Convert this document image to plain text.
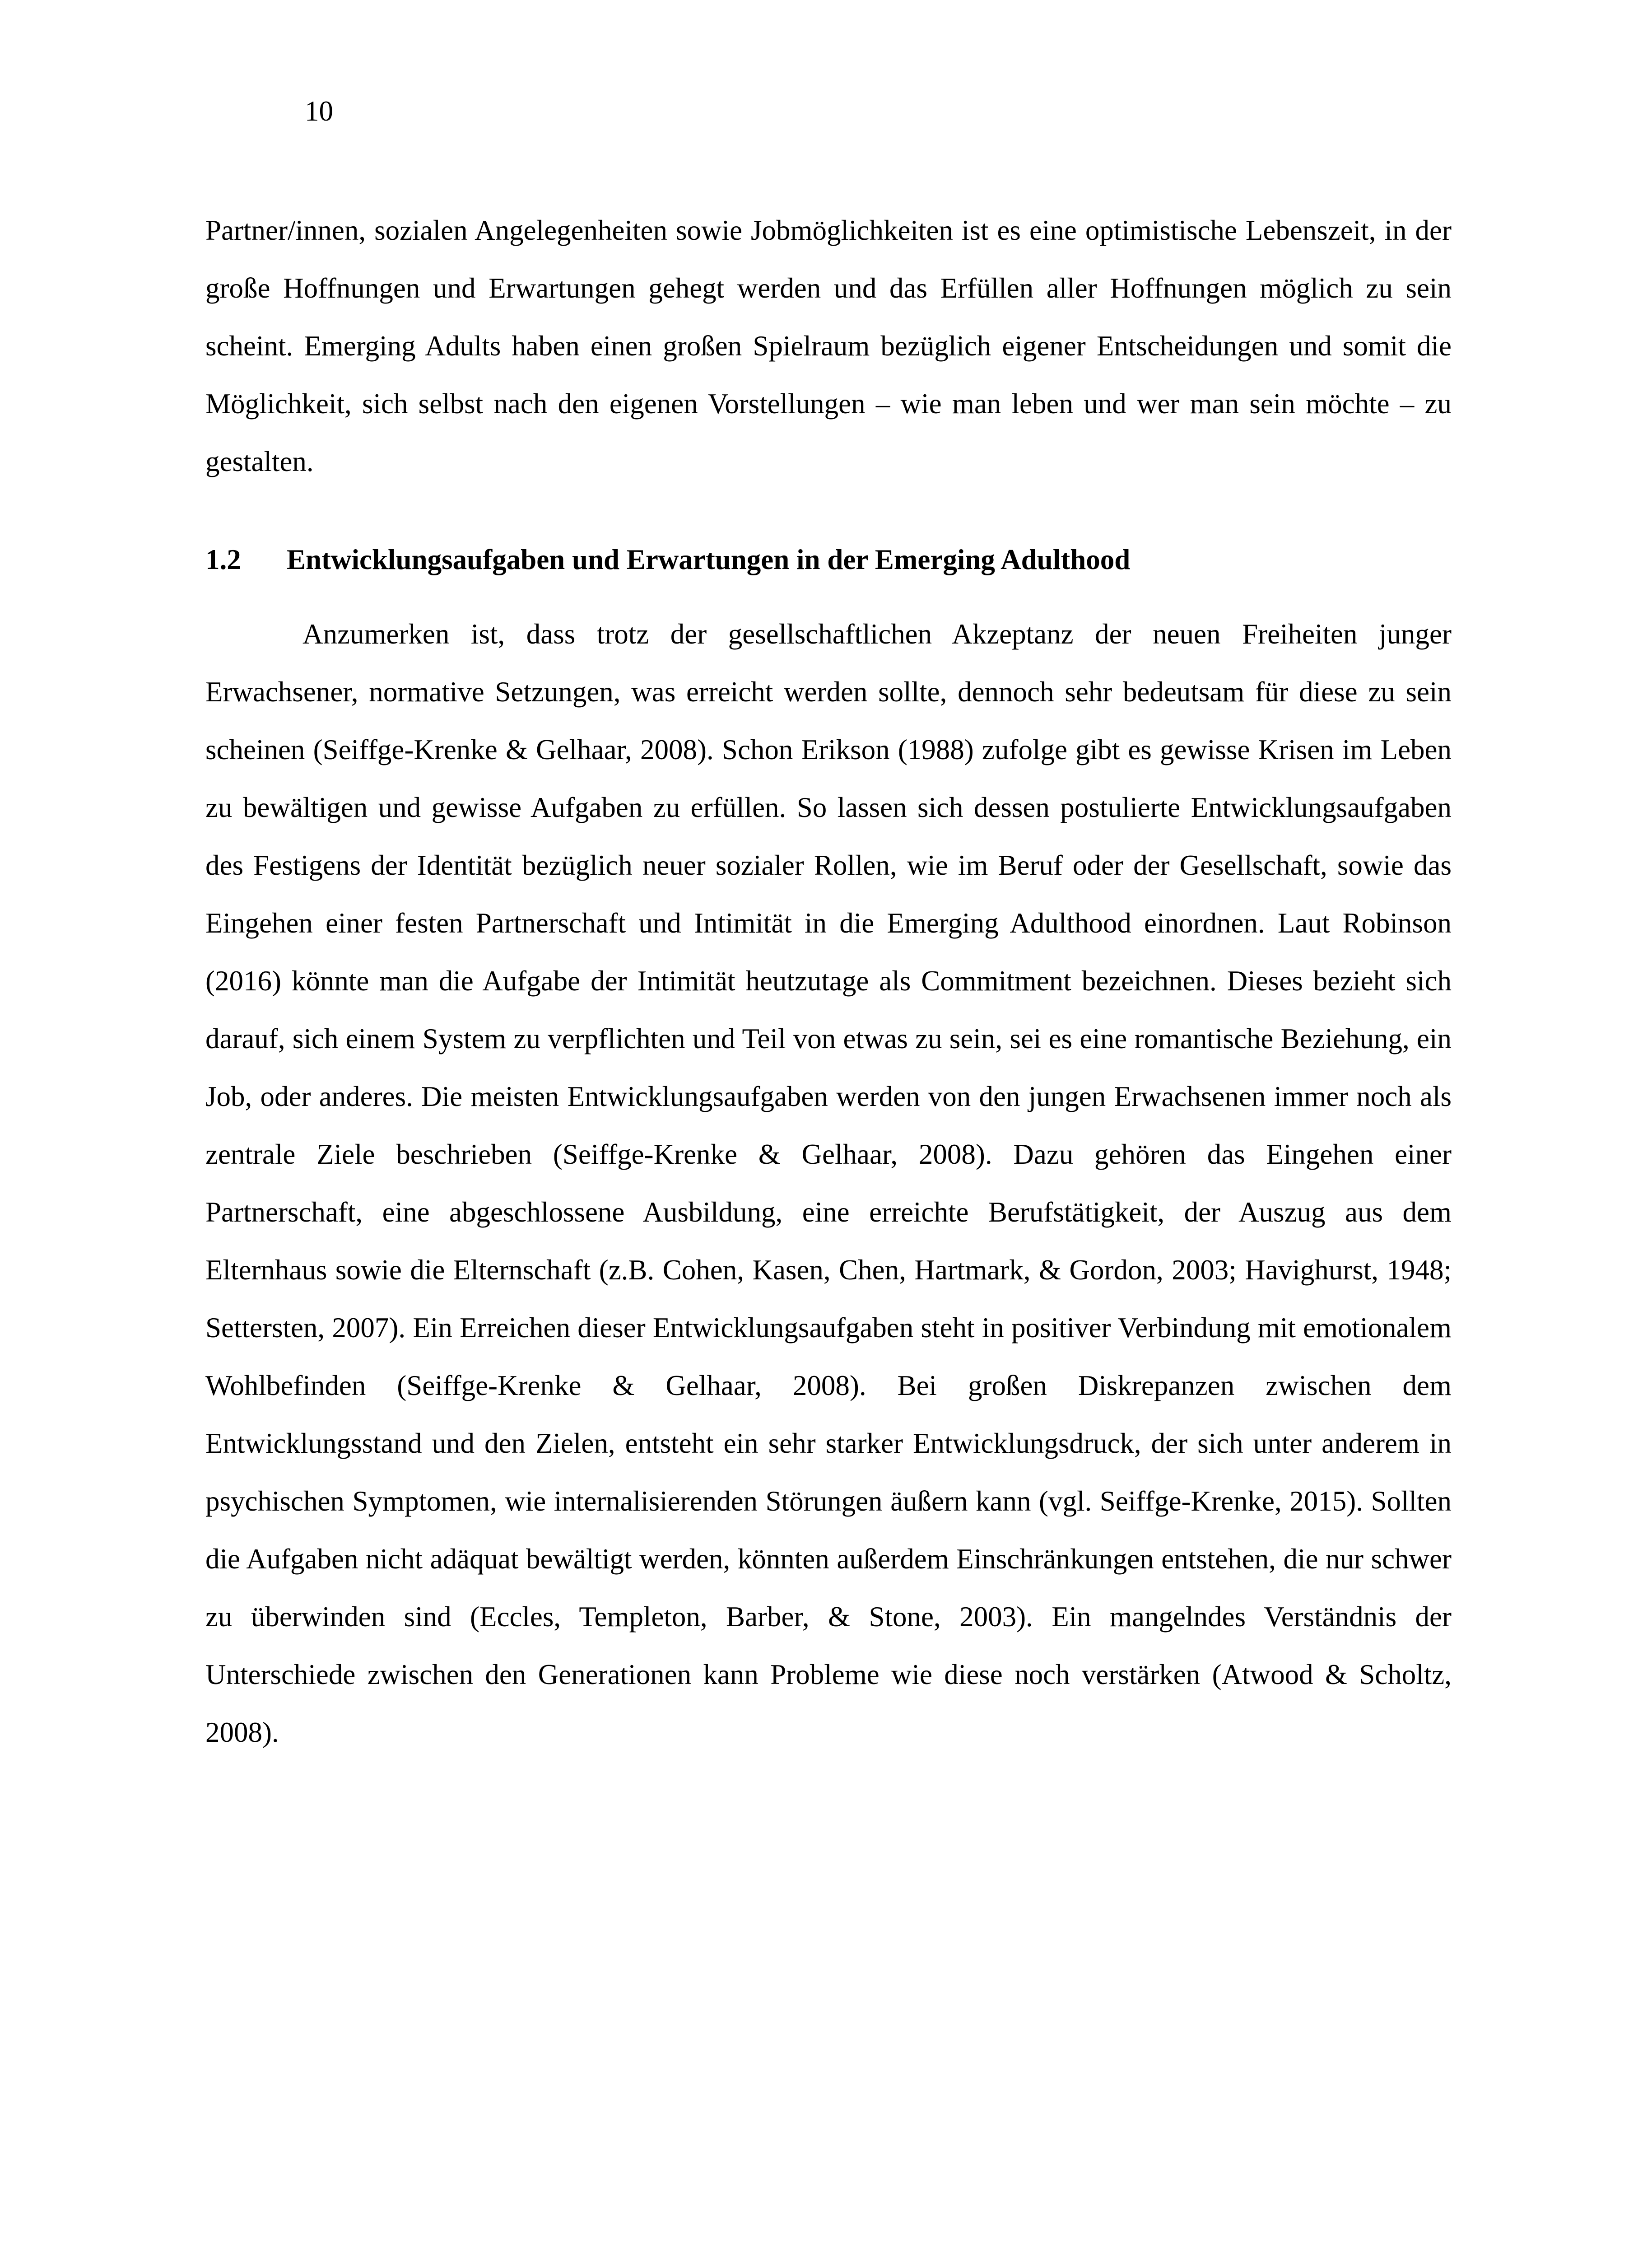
10

Partner/innen, sozialen Angelegenheiten sowie Jobmöglichkeiten ist es eine optimistische Lebenszeit, in der große Hoffnungen und Erwartungen gehegt werden und das Erfüllen aller Hoffnungen möglich zu sein scheint. Emerging Adults haben einen großen Spielraum bezüglich eigener Entscheidungen und somit die Möglichkeit, sich selbst nach den eigenen Vorstellungen – wie man leben und wer man sein möchte – zu gestalten.

1.2 Entwicklungsaufgaben und Erwartungen in der Emerging Adulthood

Anzumerken ist, dass trotz der gesellschaftlichen Akzeptanz der neuen Freiheiten junger Erwachsener, normative Setzungen, was erreicht werden sollte, dennoch sehr bedeutsam für diese zu sein scheinen (Seiffge-Krenke & Gelhaar, 2008). Schon Erikson (1988) zufolge gibt es gewisse Krisen im Leben zu bewältigen und gewisse Aufgaben zu erfüllen. So lassen sich dessen postulierte Entwicklungsaufgaben des Festigens der Identität bezüglich neuer sozialer Rollen, wie im Beruf oder der Gesellschaft, sowie das Eingehen einer festen Partnerschaft und Intimität in die Emerging Adulthood einordnen. Laut Robinson (2016) könnte man die Aufgabe der Intimität heutzutage als Commitment bezeichnen. Dieses bezieht sich darauf, sich einem System zu verpflichten und Teil von etwas zu sein, sei es eine romantische Beziehung, ein Job, oder anderes. Die meisten Entwicklungsaufgaben werden von den jungen Erwachsenen immer noch als zentrale Ziele beschrieben (Seiffge-Krenke & Gelhaar, 2008). Dazu gehören das Eingehen einer Partnerschaft, eine abgeschlossene Ausbildung, eine erreichte Berufstätigkeit, der Auszug aus dem Elternhaus sowie die Elternschaft (z.B. Cohen, Kasen, Chen, Hartmark, & Gordon, 2003; Havighurst, 1948; Settersten, 2007). Ein Erreichen dieser Entwicklungsaufgaben steht in positiver Verbindung mit emotionalem Wohlbefinden (Seiffge-Krenke & Gelhaar, 2008). Bei großen Diskrepanzen zwischen dem Entwicklungsstand und den Zielen, entsteht ein sehr starker Entwicklungsdruck, der sich unter anderem in psychischen Symptomen, wie internalisierenden Störungen äußern kann (vgl. Seiffge-Krenke, 2015). Sollten die Aufgaben nicht adäquat bewältigt werden, könnten außerdem Einschränkungen entstehen, die nur schwer zu überwinden sind (Eccles, Templeton, Barber, & Stone, 2003). Ein mangelndes Verständnis der Unterschiede zwischen den Generationen kann Probleme wie diese noch verstärken (Atwood & Scholtz, 2008).
